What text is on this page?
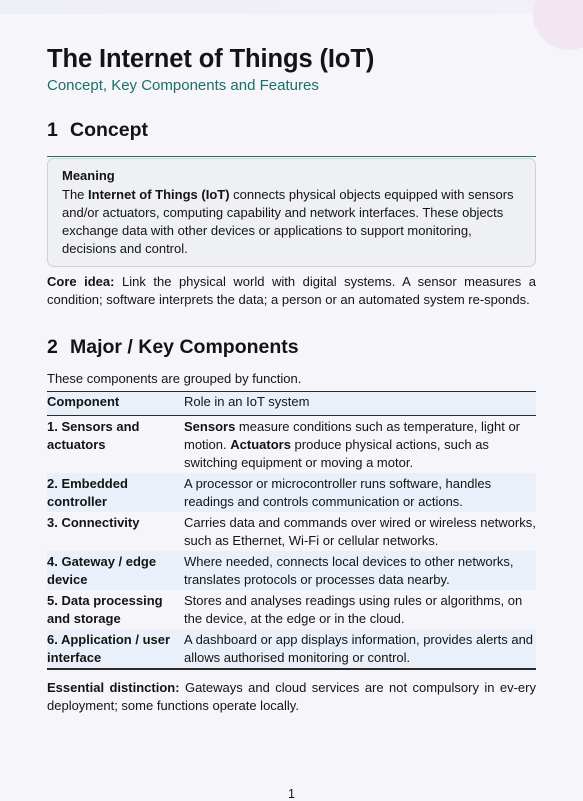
The Internet of Things (IoT)

Concept, Key Components and Features

1 Concept
Meaning
The Internet of Things (IoT) connects physical objects equipped with sensors and/or actuators, computing capability and network interfaces. These objects exchange data with other devices or applications to support monitoring, decisions and control.

Core idea: Link the physical world with digital systems. A sensor measures a condition; software interprets the data; a person or an automated system re-sponds.

2 Major / Key Components

These components are grouped by function.

Component	Role in an IoT system

1. Sensors and actuators	Sensors measure conditions such as temperature, light or motion. Actuators produce physical actions, such as switching equipment or moving a motor.
2. Embedded controller	A processor or microcontroller runs software, handles readings and controls communication or actions.
3. Connectivity	Carries data and commands over wired or wireless networks, such as Ethernet, Wi-Fi or cellular networks.
4. Gateway / edge device	Where needed, connects local devices to other networks, translates protocols or processes data nearby.
5. Data processing and storage	Stores and analyses readings using rules or algorithms, on the device, at the edge or in the cloud.
6. Application / user interface	A dashboard or app displays information, provides alerts and allows authorised monitoring or control.

Essential distinction: Gateways and cloud services are not compulsory in ev-ery deployment; some functions operate locally.

1
